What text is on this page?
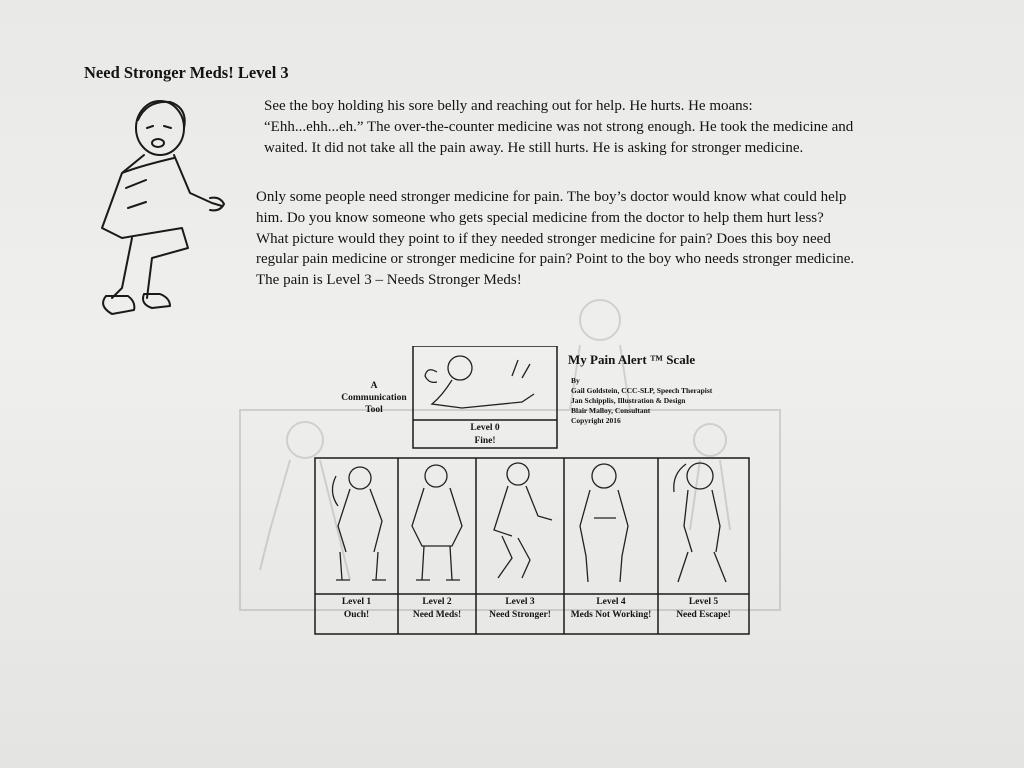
Need Stronger Meds! Level 3

See the boy holding his sore belly and reaching out for help. He hurts. He moans: “Ehh...ehh...eh.” The over-the-counter medicine was not strong enough. He took the medicine and waited. It did not take all the pain away. He still hurts. He is asking for stronger medicine.

Only some people need stronger medicine for pain. The boy’s doctor would know what could help him. Do you know someone who gets special medicine from the doctor to help them hurt less? What picture would they point to if they needed stronger medicine for pain? Does this boy need regular pain medicine or stronger medicine for pain? Point to the boy who needs stronger medicine. The pain is Level 3 – Needs Stronger Meds!

A
Communication
Tool
Level 0
Fine!
My Pain Alert ™ Scale
By
Gail Goldstein, CCC-SLP, Speech Therapist
Jan Schipplis, Illustration & Design
Blair Malloy, Consultant
Copyright 2016
Level 1
Ouch!
Level 2
Need Meds!
Level 3
Need Stronger!
Level 4
Meds Not Working!
Level 5
Need Escape!
